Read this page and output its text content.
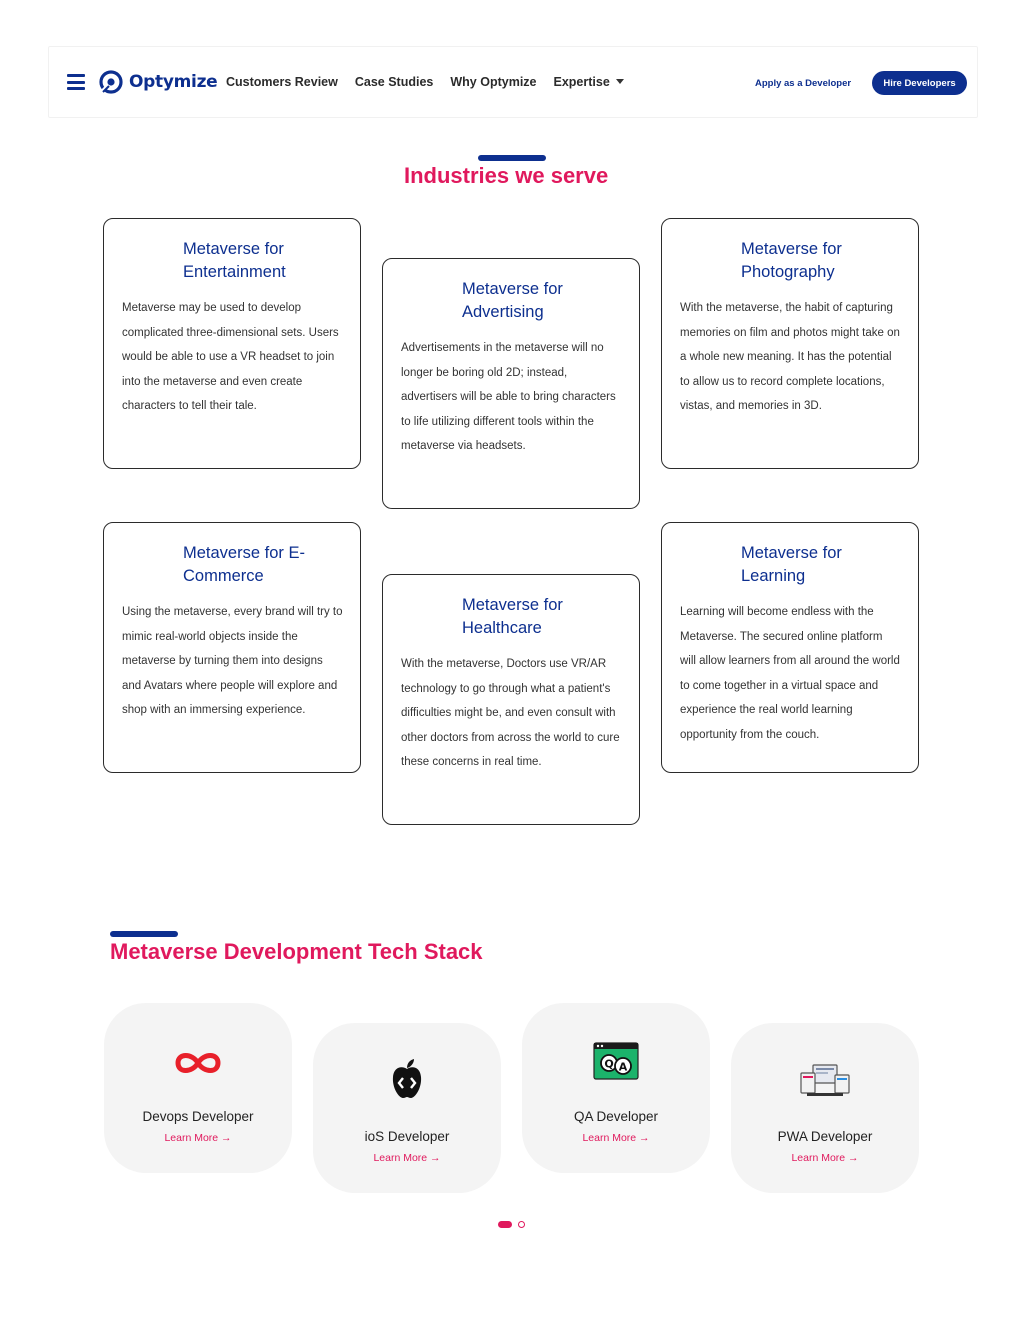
Optymize Customers Review Case Studies Why Optymize Expertise	Apply as a Developer	Hire Developers
Industries we serve
Metaverse for Entertainment

Metaverse may be used to develop complicated three-dimensional sets. Users would be able to use a VR headset to join into the metaverse and even create characters to tell their tale.

Metaverse for Advertising

Advertisements in the metaverse will no longer be boring old 2D; instead, advertisers will be able to bring characters to life utilizing different tools within the metaverse via headsets.

Metaverse for Photography

With the metaverse, the habit of capturing memories on film and photos might take on a whole new meaning. It has the potential to allow us to record complete locations, vistas, and memories in 3D.

Metaverse for E-Commerce

Using the metaverse, every brand will try to mimic real-world objects inside the metaverse by turning them into designs and Avatars where people will explore and shop with an immersing experience.

Metaverse for Healthcare

With the metaverse, Doctors use VR/AR technology to go through what a patient's difficulties might be, and even consult with other doctors from across the world to cure these concerns in real time.

Metaverse for Learning

Learning will become endless with the Metaverse. The secured online platform will allow learners from all around the world to come together in a virtual space and experience the real world learning opportunity from the couch.

Metaverse Development Tech Stack
Devops Developer
Learn More →	ioS Developer
Learn More →
Q A
QA Developer
Learn More →	PWA Developer
Learn More →
